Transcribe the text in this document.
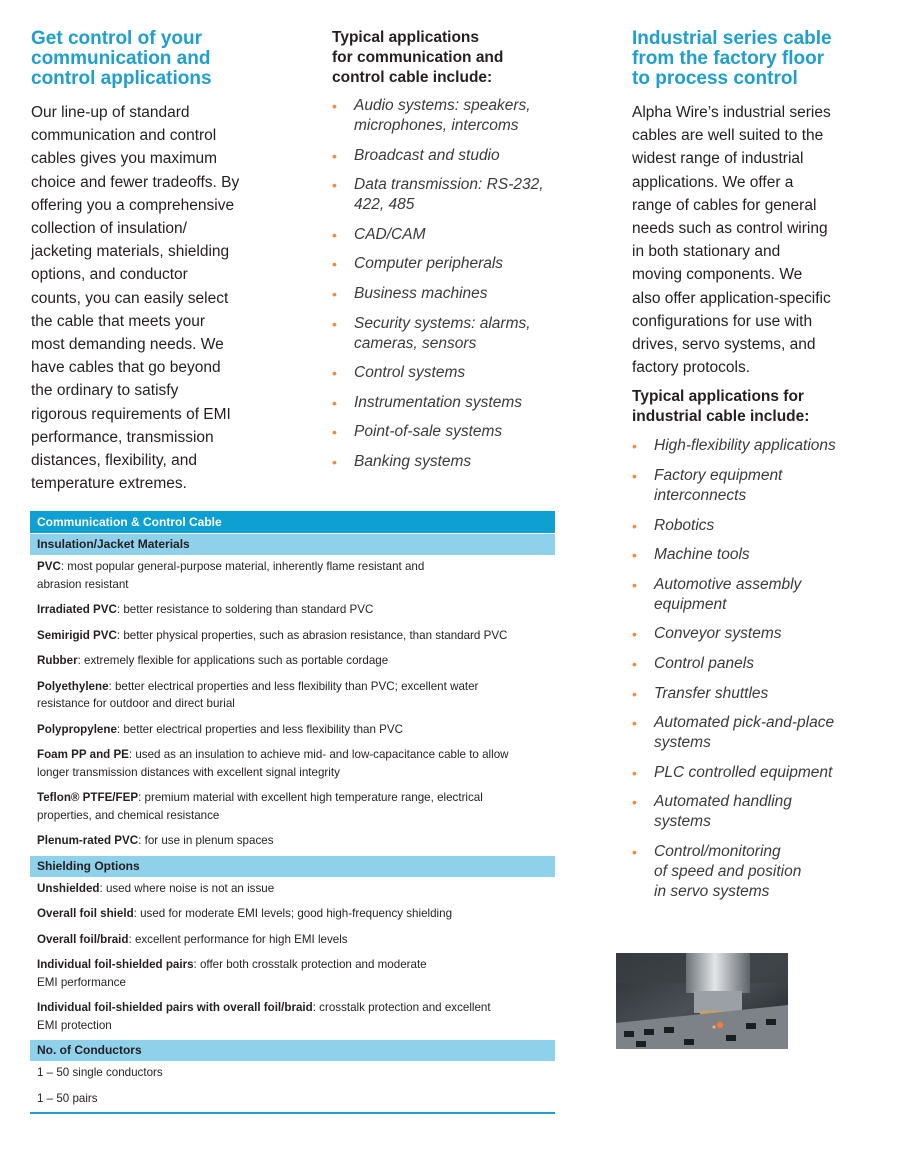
Get control of your
communication and
control applications
Our line-up of standard
communication and control
cables gives you maximum
choice and fewer tradeoffs. By
offering you a comprehensive
collection of insulation/
jacketing materials, shielding
options, and conductor
counts, you can easily select
the cable that meets your
most demanding needs. We
have cables that go beyond
the ordinary to satisfy
rigorous requirements of EMI
performance, transmission
distances, flexibility, and
temperature extremes.
Typical applications
for communication and
control cable include:
• Audio systems: speakers,
microphones, intercoms
• Broadcast and studio
• Data transmission: RS-232,
422, 485
• CAD/CAM
• Computer peripherals
• Business machines
• Security systems: alarms,
cameras, sensors
• Control systems
• Instrumentation systems
• Point-of-sale systems
• Banking systems
Industrial series cable
from the factory floor
to process control
Alpha Wire’s industrial series
cables are well suited to the
widest range of industrial
applications. We offer a
range of cables for general
needs such as control wiring
in both stationary and
moving components. We
also offer application-specific
configurations for use with
drives, servo systems, and
factory protocols.
Typical applications for
industrial cable include:
• High-flexibility applications
• Factory equipment
interconnects
• Robotics
• Machine tools
• Automotive assembly
equipment
• Conveyor systems
• Control panels
• Transfer shuttles
• Automated pick-and-place
systems
• PLC controlled equipment
• Automated handling
systems
• Control/monitoring
of speed and position
in servo systems
Communication & Control Cable
Insulation/Jacket Materials
PVC: most popular general-purpose material, inherently flame resistant and
abrasion resistant
Irradiated PVC: better resistance to soldering than standard PVC
Semirigid PVC: better physical properties, such as abrasion resistance, than standard PVC
Rubber: extremely flexible for applications such as portable cordage
Polyethylene: better electrical properties and less flexibility than PVC; excellent water
resistance for outdoor and direct burial
Polypropylene: better electrical properties and less flexibility than PVC
Foam PP and PE: used as an insulation to achieve mid- and low-capacitance cable to allow
longer transmission distances with excellent signal integrity
Teflon® PTFE/FEP: premium material with excellent high temperature range, electrical
properties, and chemical resistance
Plenum-rated PVC: for use in plenum spaces
Shielding Options
Unshielded: used where noise is not an issue
Overall foil shield: used for moderate EMI levels; good high-frequency shielding
Overall foil/braid: excellent performance for high EMI levels
Individual foil-shielded pairs: offer both crosstalk protection and moderate
EMI performance
Individual foil-shielded pairs with overall foil/braid: crosstalk protection and excellent
EMI protection
No. of Conductors
1 – 50 single conductors
1 – 50 pairs
